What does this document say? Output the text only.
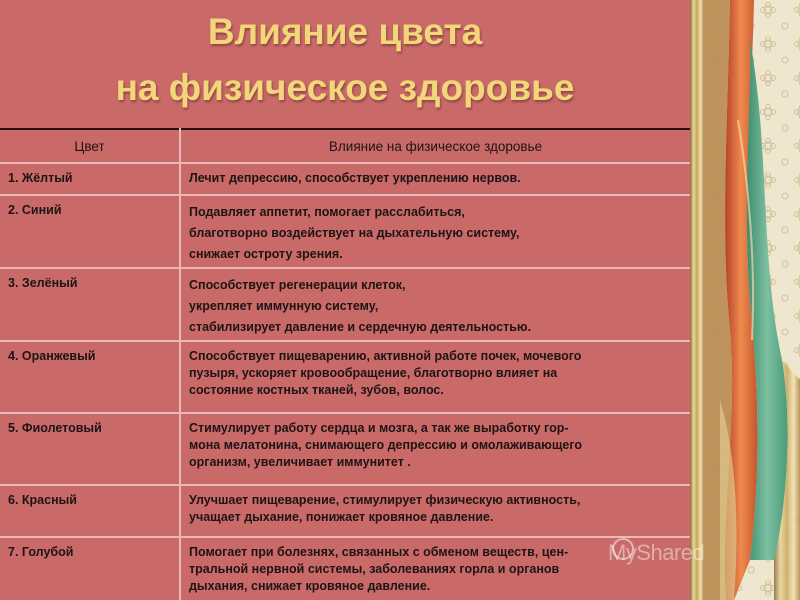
Влияние цвета
на физическое здоровье
Цвет	Влияние на физическое здоровье
1. Жёлтый	Лечит депрессию, способствует укреплению нервов.

2. Синий	Подавляет аппетит, помогает расслабиться,
благотворно воздействует на дыхательную систему,
снижает остроту зрения.

3. Зелёный	Способствует регенерации клеток,
укрепляет иммунную систему,
стабилизирует давление и сердечную деятельностью.

4. Оранжевый	Способствует пищеварению, активной работе почек, мочевого
пузыря, ускоряет кровообращение, благотворно влияет на
состояние костных тканей, зубов, волос.

5. Фиолетовый	Стимулирует работу сердца и мозга, а так же выработку гор-
мона мелатонина, снимающего депрессию и омолаживающего
организм, увеличивает иммунитет .

6. Красный	Улучшает пищеварение, стимулирует физическую активность,
учащает дыхание, понижает кровяное давление.

7. Голубой	Помогает при болезнях, связанных с обменом веществ, цен-
тральной нервной системы, заболеваниях горла и органов
дыхания, снижает кровяное давление.
MyShared
